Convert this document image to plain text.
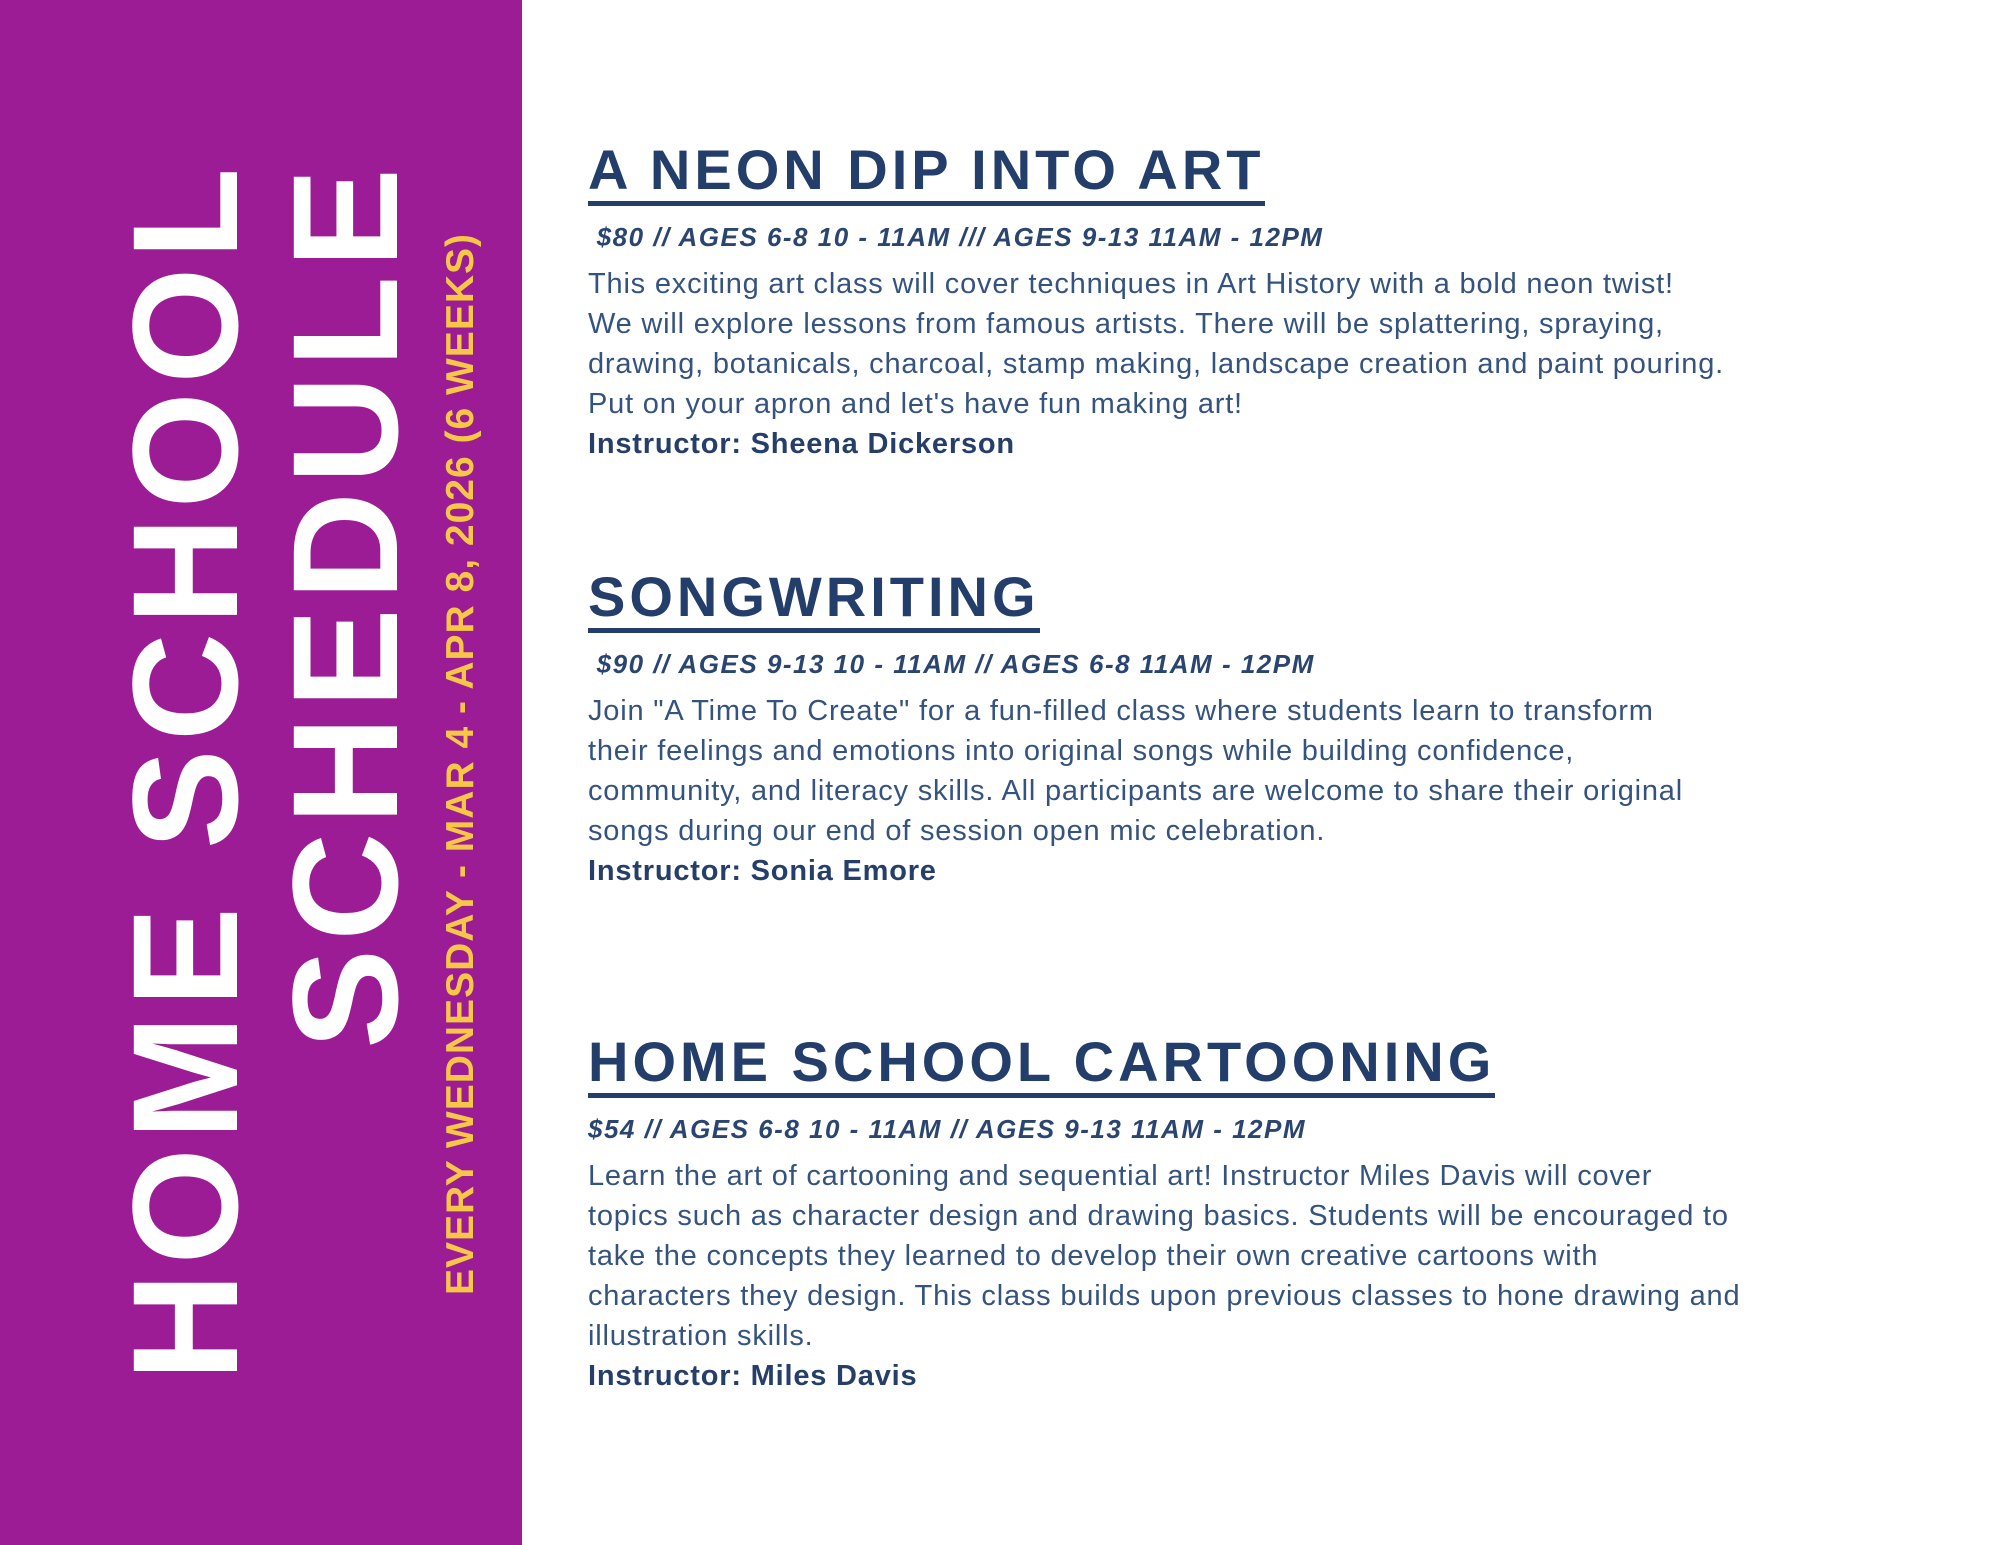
HOME SCHOOL
SCHEDULE EVERY WEDNESDAY - MAR 4 - APR 8, 2026 (6 WEEKS)
A NEON DIP INTO ART
$80 // AGES 6-8 10 - 11AM /// AGES 9-13 11AM - 12PM
This exciting art class will cover techniques in Art History with a bold neon twist!
We will explore lessons from famous artists. There will be splattering, spraying,
drawing, botanicals, charcoal, stamp making, landscape creation and paint pouring.
Put on your apron and let's have fun making art!
Instructor: Sheena Dickerson
SONGWRITING
$90 // AGES 9-13 10 - 11AM // AGES 6-8 11AM - 12PM
Join "A Time To Create" for a fun-filled class where students learn to transform
their feelings and emotions into original songs while building confidence,
community, and literacy skills. All participants are welcome to share their original
songs during our end of session open mic celebration.
Instructor: Sonia Emore
HOME SCHOOL CARTOONING
$54 // AGES 6-8 10 - 11AM // AGES 9-13 11AM - 12PM
Learn the art of cartooning and sequential art! Instructor Miles Davis will cover
topics such as character design and drawing basics. Students will be encouraged to
take the concepts they learned to develop their own creative cartoons with
characters they design. This class builds upon previous classes to hone drawing and
illustration skills.
Instructor: Miles Davis
